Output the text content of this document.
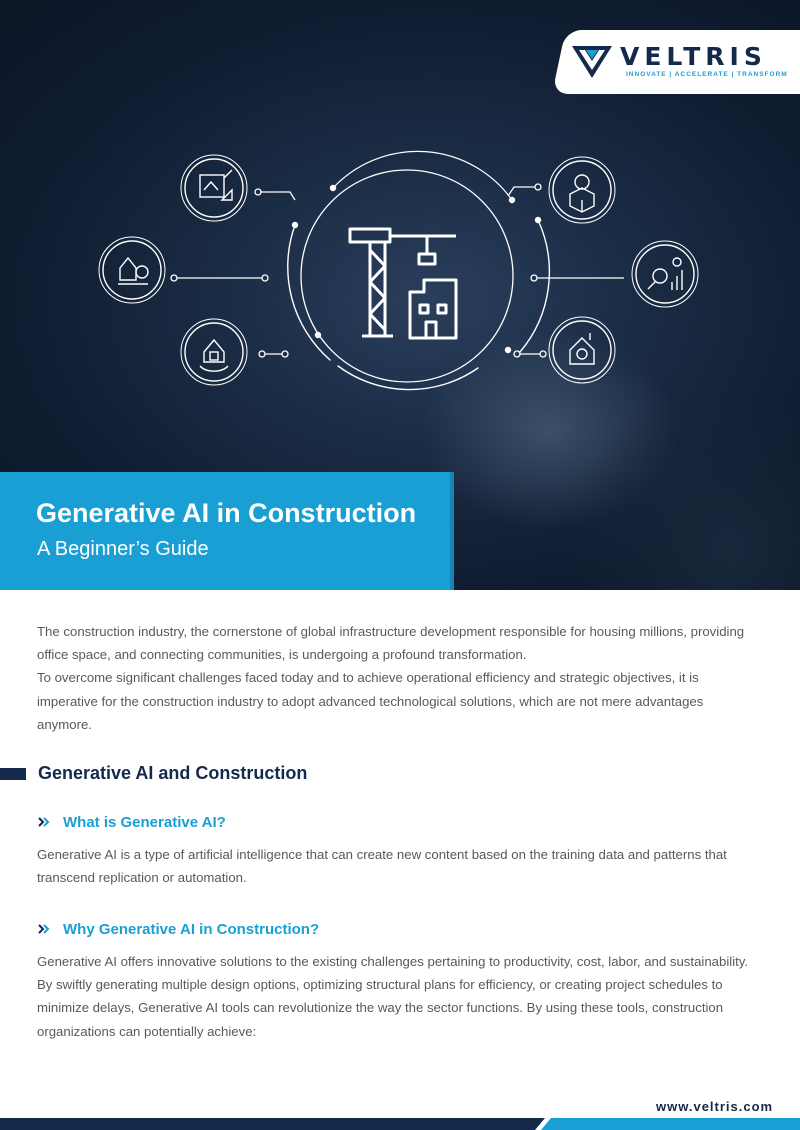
VELTRIS
INNOVATE | ACCELERATE | TRANSFORM
Generative AI in Construction
A Beginner’s Guide

The construction industry, the cornerstone of global infrastructure development responsible for housing millions, providing office space, and connecting communities, is undergoing a profound transformation.

To overcome significant challenges faced today and to achieve operational efficiency and strategic objectives, it is imperative for the construction industry to adopt advanced technological solutions, which are not mere advantages anymore.

Generative AI and Construction
What is Generative AI?

Generative AI is a type of artificial intelligence that can create new content based on the training data and patterns that transcend replication or automation.

Why Generative AI in Construction?

Generative AI offers innovative solutions to the existing challenges pertaining to productivity, cost, labor, and sustainability. By swiftly generating multiple design options, optimizing structural plans for efficiency, or creating project schedules to minimize delays, Generative AI tools can revolutionize the way the sector functions. By using these tools, construction organizations can potentially achieve:

www.veltris.com
